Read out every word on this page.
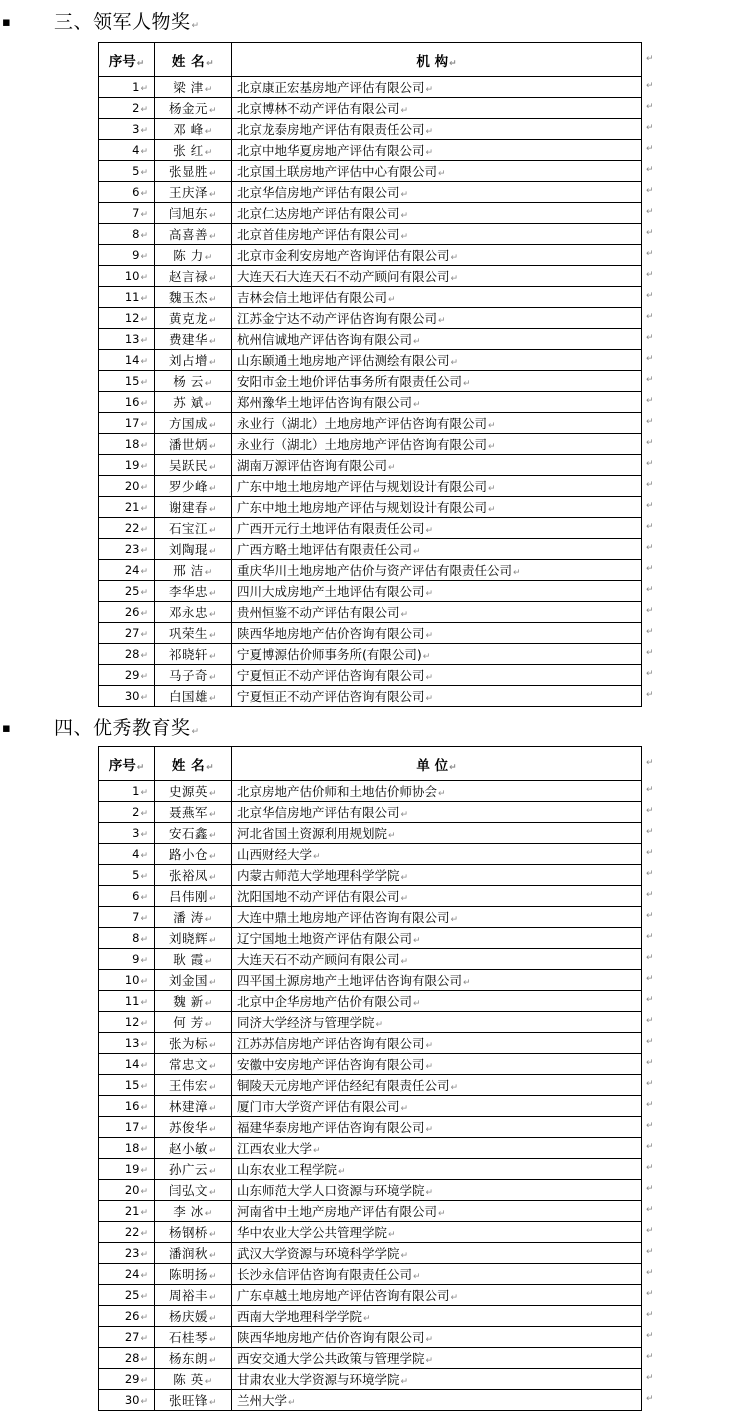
▪ 三、领军人物奖↵
序号↵	姓 名↵	机 构↵
1↵	梁 津↵	北京康正宏基房地产评估有限公司↵
2↵	杨金元↵	北京博林不动产评估有限公司↵
3↵	邓 峰↵	北京龙泰房地产评估有限责任公司↵
4↵	张 红↵	北京中地华夏房地产评估有限公司↵
5↵	张显胜↵	北京国土联房地产评估中心有限公司↵
6↵	王庆泽↵	北京华信房地产评估有限公司↵
7↵	闫旭东↵	北京仁达房地产评估有限公司↵
8↵	高喜善↵	北京首佳房地产评估有限公司↵
9↵	陈 力↵	北京市金利安房地产咨询评估有限公司↵
10↵	赵言禄↵	大连天石大连天石不动产顾问有限公司↵
11↵	魏玉杰↵	吉林会信土地评估有限公司↵
12↵	黄克龙↵	江苏金宁达不动产评估咨询有限公司↵
13↵	费建华↵	杭州信诚地产评估咨询有限公司↵
14↵	刘占增↵	山东颐通土地房地产评估测绘有限公司↵
15↵	杨 云↵	安阳市金土地价评估事务所有限责任公司↵
16↵	苏 斌↵	郑州豫华土地评估咨询有限公司↵
17↵	方国成↵	永业行（湖北）土地房地产评估咨询有限公司↵
18↵	潘世炳↵	永业行（湖北）土地房地产评估咨询有限公司↵
19↵	吴跃民↵	湖南万源评估咨询有限公司↵
20↵	罗少峰↵	广东中地土地房地产评估与规划设计有限公司↵
21↵	谢建春↵	广东中地土地房地产评估与规划设计有限公司↵
22↵	石宝江↵	广西开元行土地评估有限责任公司↵
23↵	刘陶琨↵	广西方略土地评估有限责任公司↵
24↵	邢 洁↵	重庆华川土地房地产估价与资产评估有限责任公司↵
25↵	李华忠↵	四川大成房地产土地评估有限公司↵
26↵	邓永忠↵	贵州恒鉴不动产评估有限公司↵
27↵	巩荣生↵	陕西华地房地产估价咨询有限公司↵
28↵	祁晓轩↵	宁夏博源估价师事务所(有限公司)↵
29↵	马子奇↵	宁夏恒正不动产评估咨询有限公司↵
30↵	白国雄↵	宁夏恒正不动产评估咨询有限公司↵
▪ 四、优秀教育奖↵
序号↵	姓 名↵	单 位↵
1↵	史源英↵	北京房地产估价师和土地估价师协会↵
2↵	聂燕军↵	北京华信房地产评估有限公司↵
3↵	安石鑫↵	河北省国土资源利用规划院↵
4↵	路小仓↵	山西财经大学↵
5↵	张裕凤↵	内蒙古师范大学地理科学学院↵
6↵	吕伟刚↵	沈阳国地不动产评估有限公司↵
7↵	潘 涛↵	大连中鼎土地房地产评估咨询有限公司↵
8↵	刘晓辉↵	辽宁国地土地资产评估有限公司↵
9↵	耿 霞↵	大连天石不动产顾问有限公司↵
10↵	刘金国↵	四平国土源房地产土地评估咨询有限公司↵
11↵	魏 新↵	北京中企华房地产估价有限公司↵
12↵	何 芳↵	同济大学经济与管理学院↵
13↵	张为标↵	江苏苏信房地产评估咨询有限公司↵
14↵	常忠文↵	安徽中安房地产评估咨询有限公司↵
15↵	王伟宏↵	铜陵天元房地产评估经纪有限责任公司↵
16↵	林建漳↵	厦门市大学资产评估有限公司↵
17↵	苏俊华↵	福建华泰房地产评估咨询有限公司↵
18↵	赵小敏↵	江西农业大学↵
19↵	孙广云↵	山东农业工程学院↵
20↵	闫弘文↵	山东师范大学人口资源与环境学院↵
21↵	李 冰↵	河南省中土地产房地产评估有限公司↵
22↵	杨钢桥↵	华中农业大学公共管理学院↵
23↵	潘润秋↵	武汉大学资源与环境科学学院↵
24↵	陈明扬↵	长沙永信评估咨询有限责任公司↵
25↵	周裕丰↵	广东卓越土地房地产评估咨询有限公司↵
26↵	杨庆媛↵	西南大学地理科学学院↵
27↵	石桂琴↵	陕西华地房地产估价咨询有限公司↵
28↵	杨东朗↵	西安交通大学公共政策与管理学院↵
29↵	陈 英↵	甘肃农业大学资源与环境学院↵
30↵	张旺锋↵	兰州大学↵
↵
↵
↵
↵
↵
↵
↵
↵
↵
↵
↵
↵
↵
↵
↵
↵
↵
↵
↵
↵
↵
↵
↵
↵
↵
↵
↵
↵
↵
↵
↵
↵
↵
↵
↵
↵
↵
↵
↵
↵
↵
↵
↵
↵
↵
↵
↵
↵
↵
↵
↵
↵
↵
↵
↵
↵
↵
↵
↵
↵
↵
↵
